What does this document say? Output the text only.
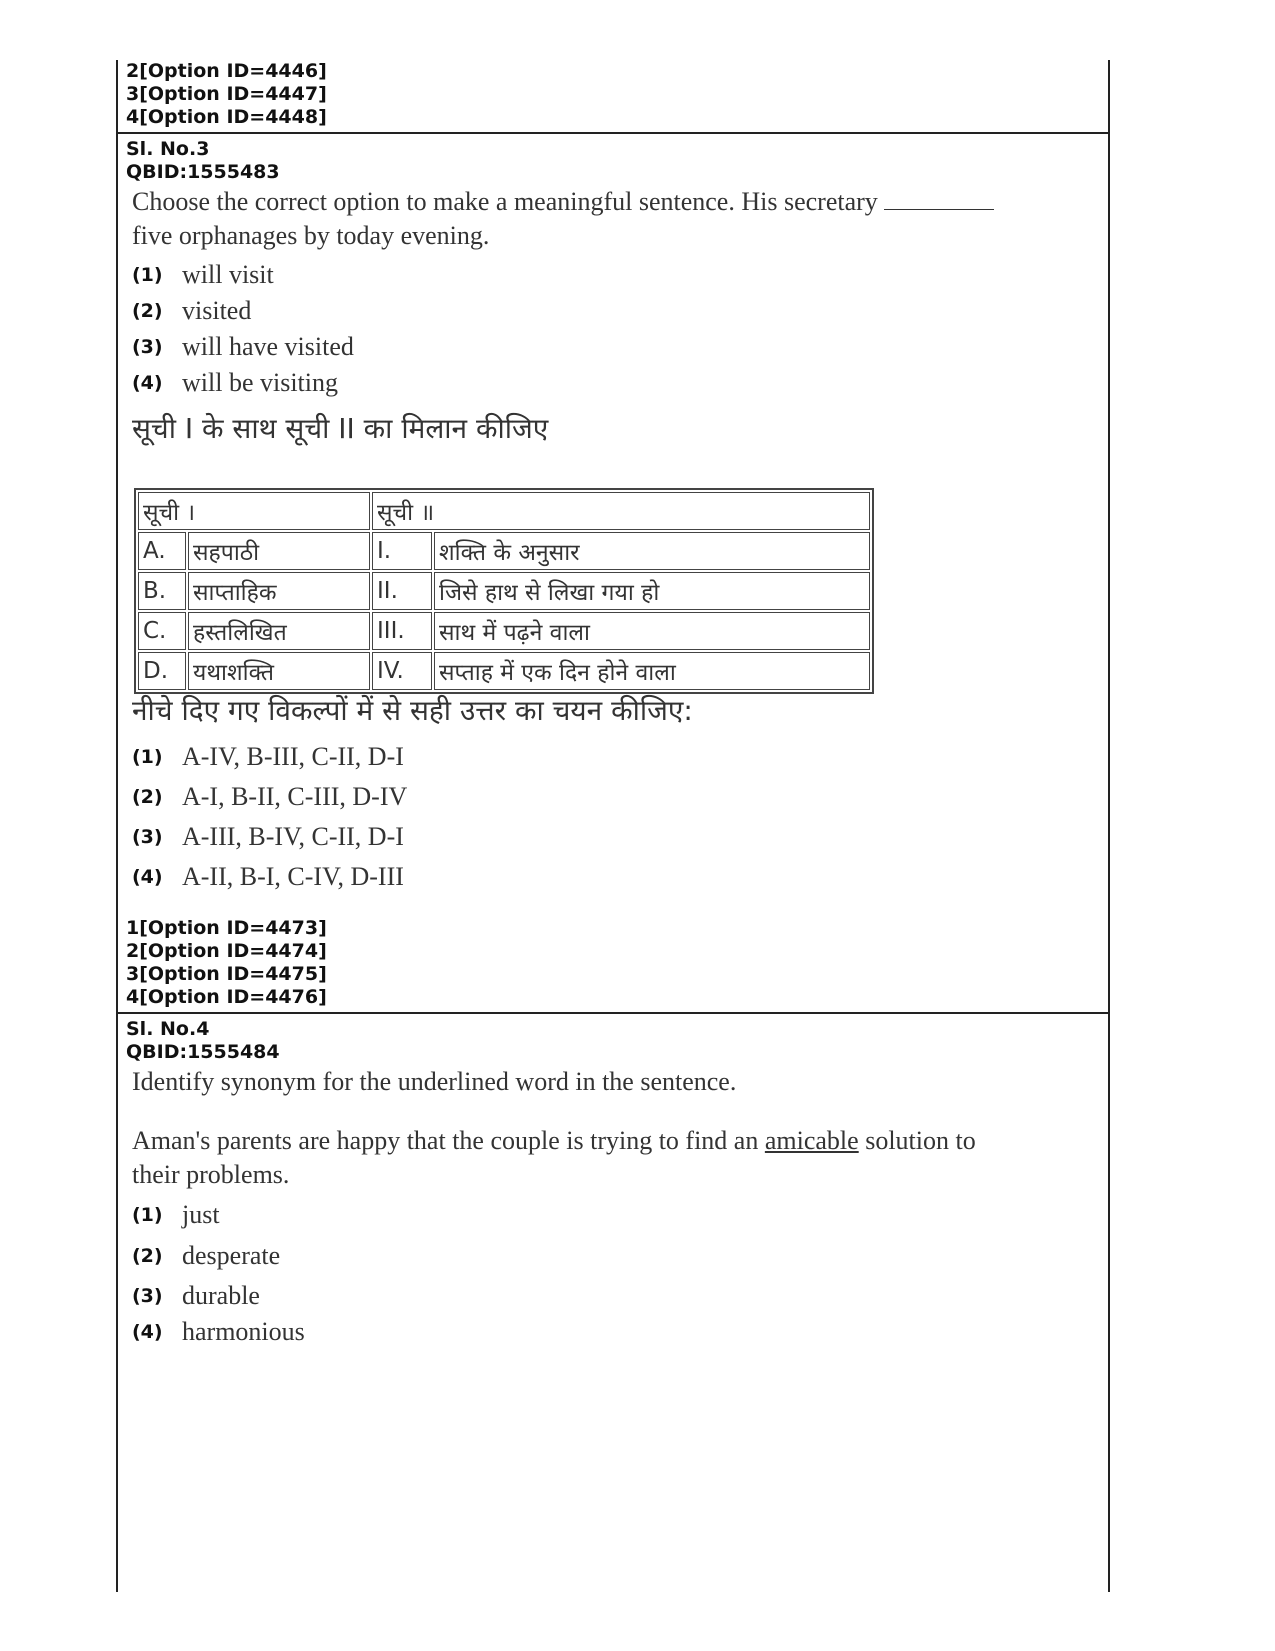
2[Option ID=4446]
3[Option ID=4447]
4[Option ID=4448]
Sl. No.3
QBID:1555483
Choose the correct option to make a meaningful sentence. His secretary
five orphanages by today evening.
(1) will visit
(2) visited
(3) will have visited
(4) will be visiting
सूची I के साथ सूची II का मिलान कीजिए
सूची ।		सूची ॥	
A.	सहपाठी	I.	शक्ति के अनुसार
B.	साप्ताहिक	II.	जिसे हाथ से लिखा गया हो
C.	हस्तलिखित	III.	साथ में पढ़ने वाला
D.	यथाशक्ति	IV.	सप्ताह में एक दिन होने वाला
नीचे दिए गए विकल्पों में से सही उत्तर का चयन कीजिए:
(1) A-IV, B-III, C-II, D-I
(2) A-I, B-II, C-III, D-IV
(3) A-III, B-IV, C-II, D-I
(4) A-II, B-I, C-IV, D-III
1[Option ID=4473]
2[Option ID=4474]
3[Option ID=4475]
4[Option ID=4476]
Sl. No.4
QBID:1555484
Identify synonym for the underlined word in the sentence.
Aman's parents are happy that the couple is trying to find an amicable solution to
their problems.
(1) just
(2) desperate
(3) durable
(4) harmonious
